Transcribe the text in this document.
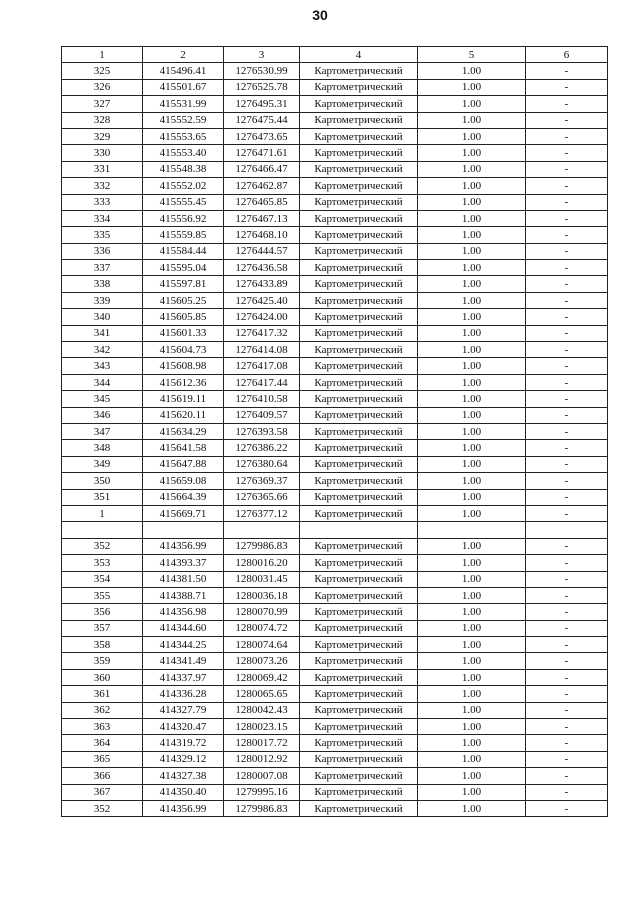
30
1	2	3	4	5	6
325	415496.41	1276530.99	Картометрический	1.00	-
326	415501.67	1276525.78	Картометрический	1.00	-
327	415531.99	1276495.31	Картометрический	1.00	-
328	415552.59	1276475.44	Картометрический	1.00	-
329	415553.65	1276473.65	Картометрический	1.00	-
330	415553.40	1276471.61	Картометрический	1.00	-
331	415548.38	1276466.47	Картометрический	1.00	-
332	415552.02	1276462.87	Картометрический	1.00	-
333	415555.45	1276465.85	Картометрический	1.00	-
334	415556.92	1276467.13	Картометрический	1.00	-
335	415559.85	1276468.10	Картометрический	1.00	-
336	415584.44	1276444.57	Картометрический	1.00	-
337	415595.04	1276436.58	Картометрический	1.00	-
338	415597.81	1276433.89	Картометрический	1.00	-
339	415605.25	1276425.40	Картометрический	1.00	-
340	415605.85	1276424.00	Картометрический	1.00	-
341	415601.33	1276417.32	Картометрический	1.00	-
342	415604.73	1276414.08	Картометрический	1.00	-
343	415608.98	1276417.08	Картометрический	1.00	-
344	415612.36	1276417.44	Картометрический	1.00	-
345	415619.11	1276410.58	Картометрический	1.00	-
346	415620.11	1276409.57	Картометрический	1.00	-
347	415634.29	1276393.58	Картометрический	1.00	-
348	415641.58	1276386.22	Картометрический	1.00	-
349	415647.88	1276380.64	Картометрический	1.00	-
350	415659.08	1276369.37	Картометрический	1.00	-
351	415664.39	1276365.66	Картометрический	1.00	-
1	415669.71	1276377.12	Картометрический	1.00	-

352	414356.99	1279986.83	Картометрический	1.00	-
353	414393.37	1280016.20	Картометрический	1.00	-
354	414381.50	1280031.45	Картометрический	1.00	-
355	414388.71	1280036.18	Картометрический	1.00	-
356	414356.98	1280070.99	Картометрический	1.00	-
357	414344.60	1280074.72	Картометрический	1.00	-
358	414344.25	1280074.64	Картометрический	1.00	-
359	414341.49	1280073.26	Картометрический	1.00	-
360	414337.97	1280069.42	Картометрический	1.00	-
361	414336.28	1280065.65	Картометрический	1.00	-
362	414327.79	1280042.43	Картометрический	1.00	-
363	414320.47	1280023.15	Картометрический	1.00	-
364	414319.72	1280017.72	Картометрический	1.00	-
365	414329.12	1280012.92	Картометрический	1.00	-
366	414327.38	1280007.08	Картометрический	1.00	-
367	414350.40	1279995.16	Картометрический	1.00	-
352	414356.99	1279986.83	Картометрический	1.00	-
